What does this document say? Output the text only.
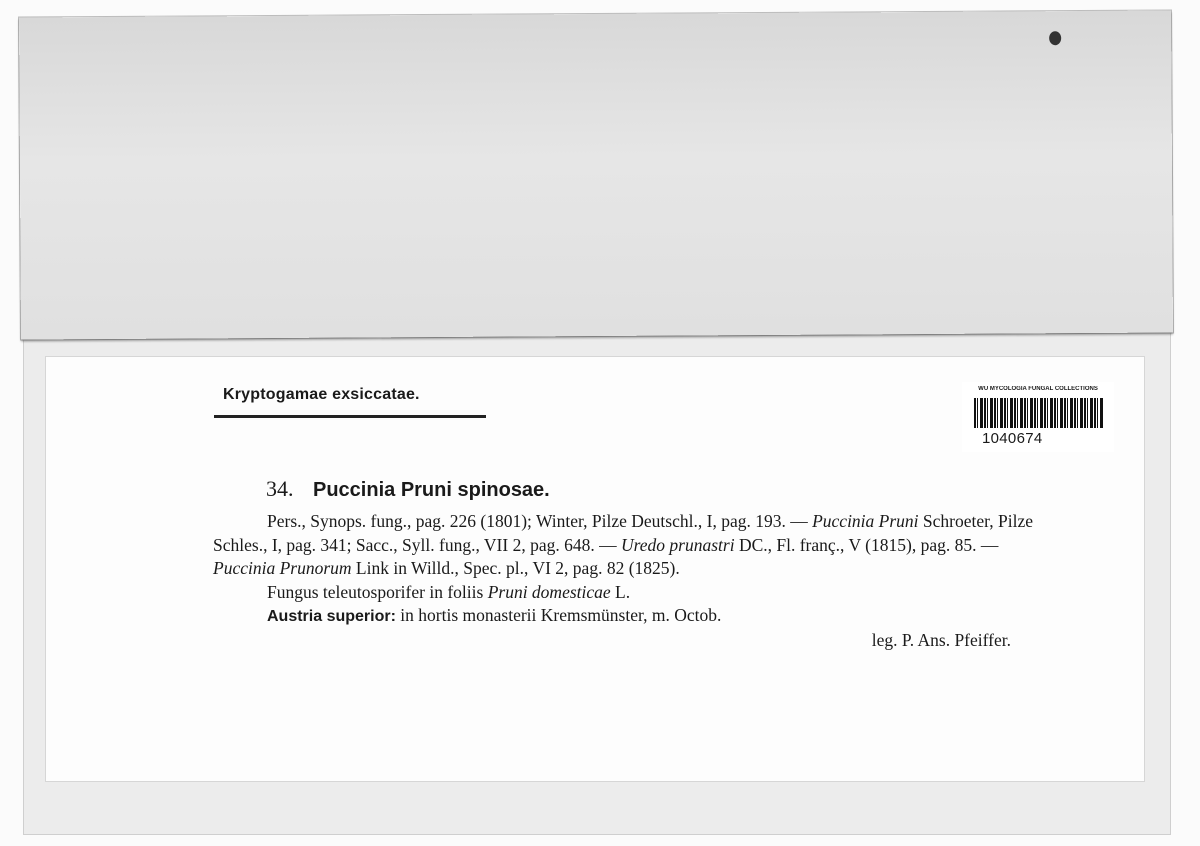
Kryptogamae exsiccatae.	WU MYCOLOGIA FUNGAL COLLECTIONS
1040674
34. Puccinia Pruni spinosae.

Pers., Synops. fung., pag. 226 (1801); Winter, Pilze Deutschl., I, pag. 193. — Puccinia Pruni Schroeter, Pilze Schles., I, pag. 341; Sacc., Syll. fung., VII 2, pag. 648. — Uredo prunastri DC., Fl. franç., V (1815), pag. 85. — Puccinia Prunorum Link in Willd., Spec. pl., VI 2, pag. 82 (1825).

Fungus teleutosporifer in foliis Pruni domesticae L.

Austria superior: in hortis monasterii Kremsmünster, m. Octob.

leg. P. Ans. Pfeiffer.
